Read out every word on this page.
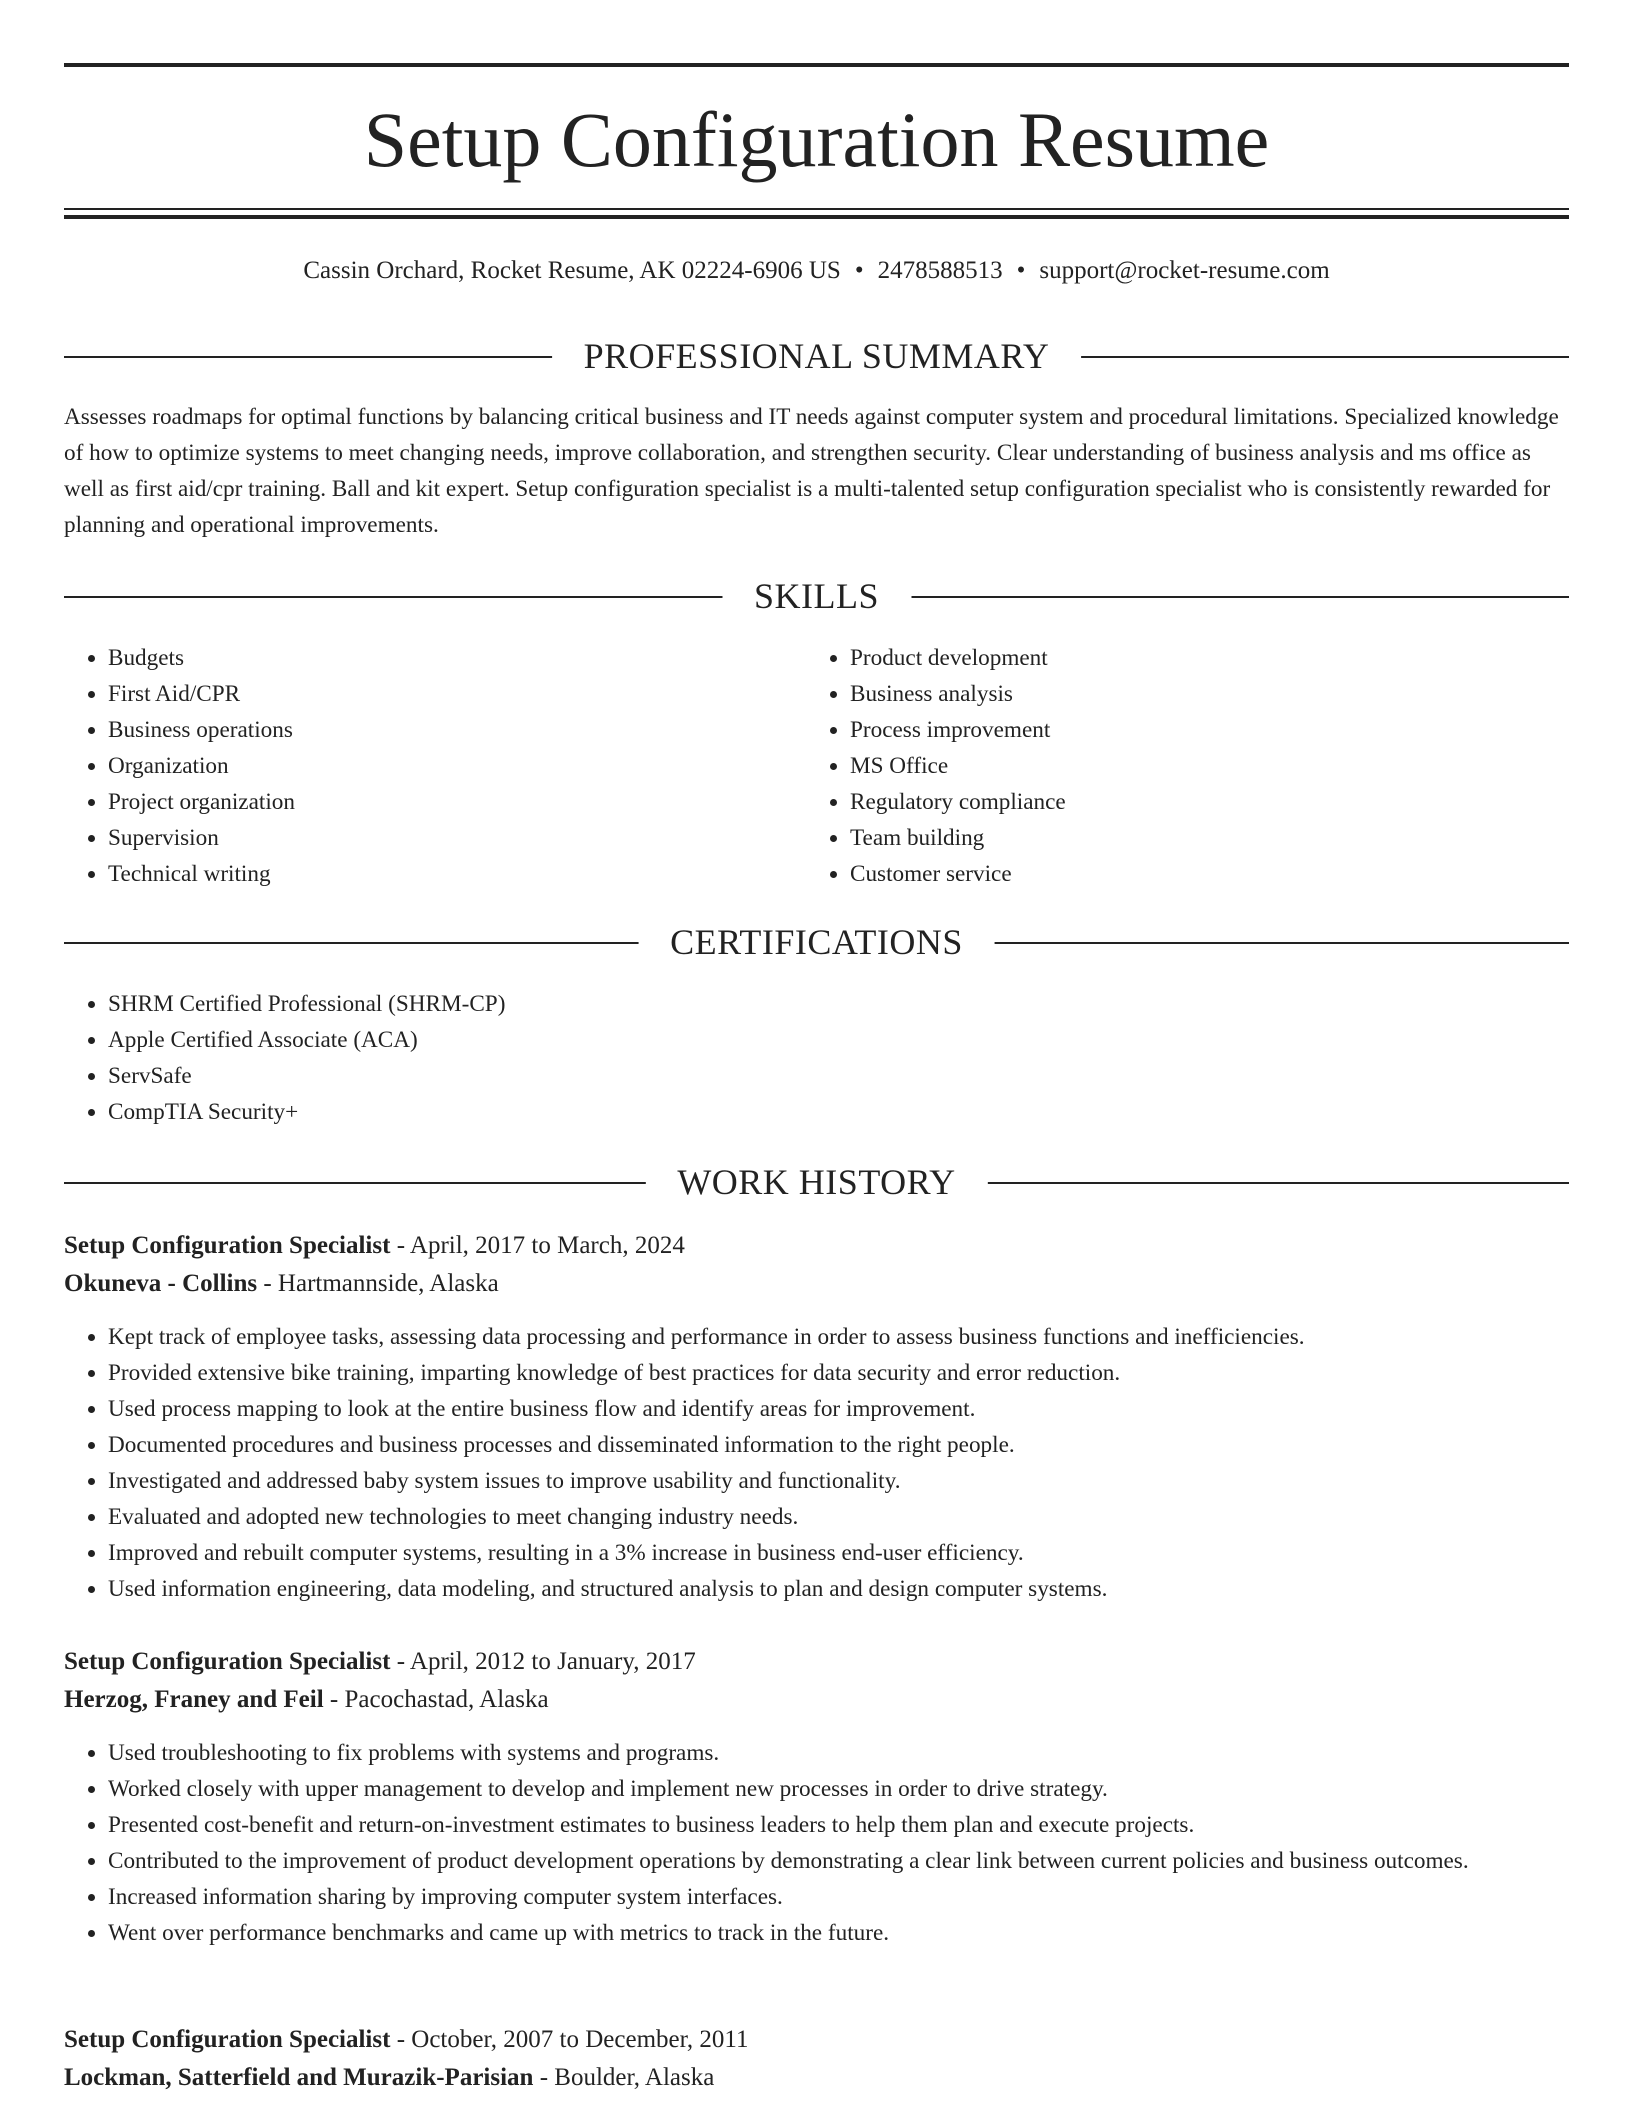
Setup Configuration Resume
Cassin Orchard, Rocket Resume, AK 02224-6906 US • 2478588513 • support@rocket-resume.com
PROFESSIONAL SUMMARY

Assesses roadmaps for optimal functions by balancing critical business and IT needs against computer system and procedural limitations. Specialized knowledge of how to optimize systems to meet changing needs, improve collaboration, and strengthen security. Clear understanding of business analysis and ms office as well as first aid/cpr training. Ball and kit expert. Setup configuration specialist is a multi-talented setup configuration specialist who is consistently rewarded for planning and operational improvements.

SKILLS
• Budgets
• First Aid/CPR
• Business operations
• Organization
• Project organization
• Supervision
• Technical writing
• Product development
• Business analysis
• Process improvement
• MS Office
• Regulatory compliance
• Team building
• Customer service
CERTIFICATIONS
• SHRM Certified Professional (SHRM-CP)
• Apple Certified Associate (ACA)
• ServSafe
• CompTIA Security+
WORK HISTORY
Setup Configuration Specialist - April, 2017 to March, 2024
Okuneva - Collins - Hartmannside, Alaska
• Kept track of employee tasks, assessing data processing and performance in order to assess business functions and inefficiencies.
• Provided extensive bike training, imparting knowledge of best practices for data security and error reduction.
• Used process mapping to look at the entire business flow and identify areas for improvement.
• Documented procedures and business processes and disseminated information to the right people.
• Investigated and addressed baby system issues to improve usability and functionality.
• Evaluated and adopted new technologies to meet changing industry needs.
• Improved and rebuilt computer systems, resulting in a 3% increase in business end-user efficiency.
• Used information engineering, data modeling, and structured analysis to plan and design computer systems.
Setup Configuration Specialist - April, 2012 to January, 2017
Herzog, Franey and Feil - Pacochastad, Alaska
• Used troubleshooting to fix problems with systems and programs.
• Worked closely with upper management to develop and implement new processes in order to drive strategy.
• Presented cost-benefit and return-on-investment estimates to business leaders to help them plan and execute projects.
• Contributed to the improvement of product development operations by demonstrating a clear link between current policies and business outcomes.
• Increased information sharing by improving computer system interfaces.
• Went over performance benchmarks and came up with metrics to track in the future.
Setup Configuration Specialist - October, 2007 to December, 2011
Lockman, Satterfield and Murazik-Parisian - Boulder, Alaska
